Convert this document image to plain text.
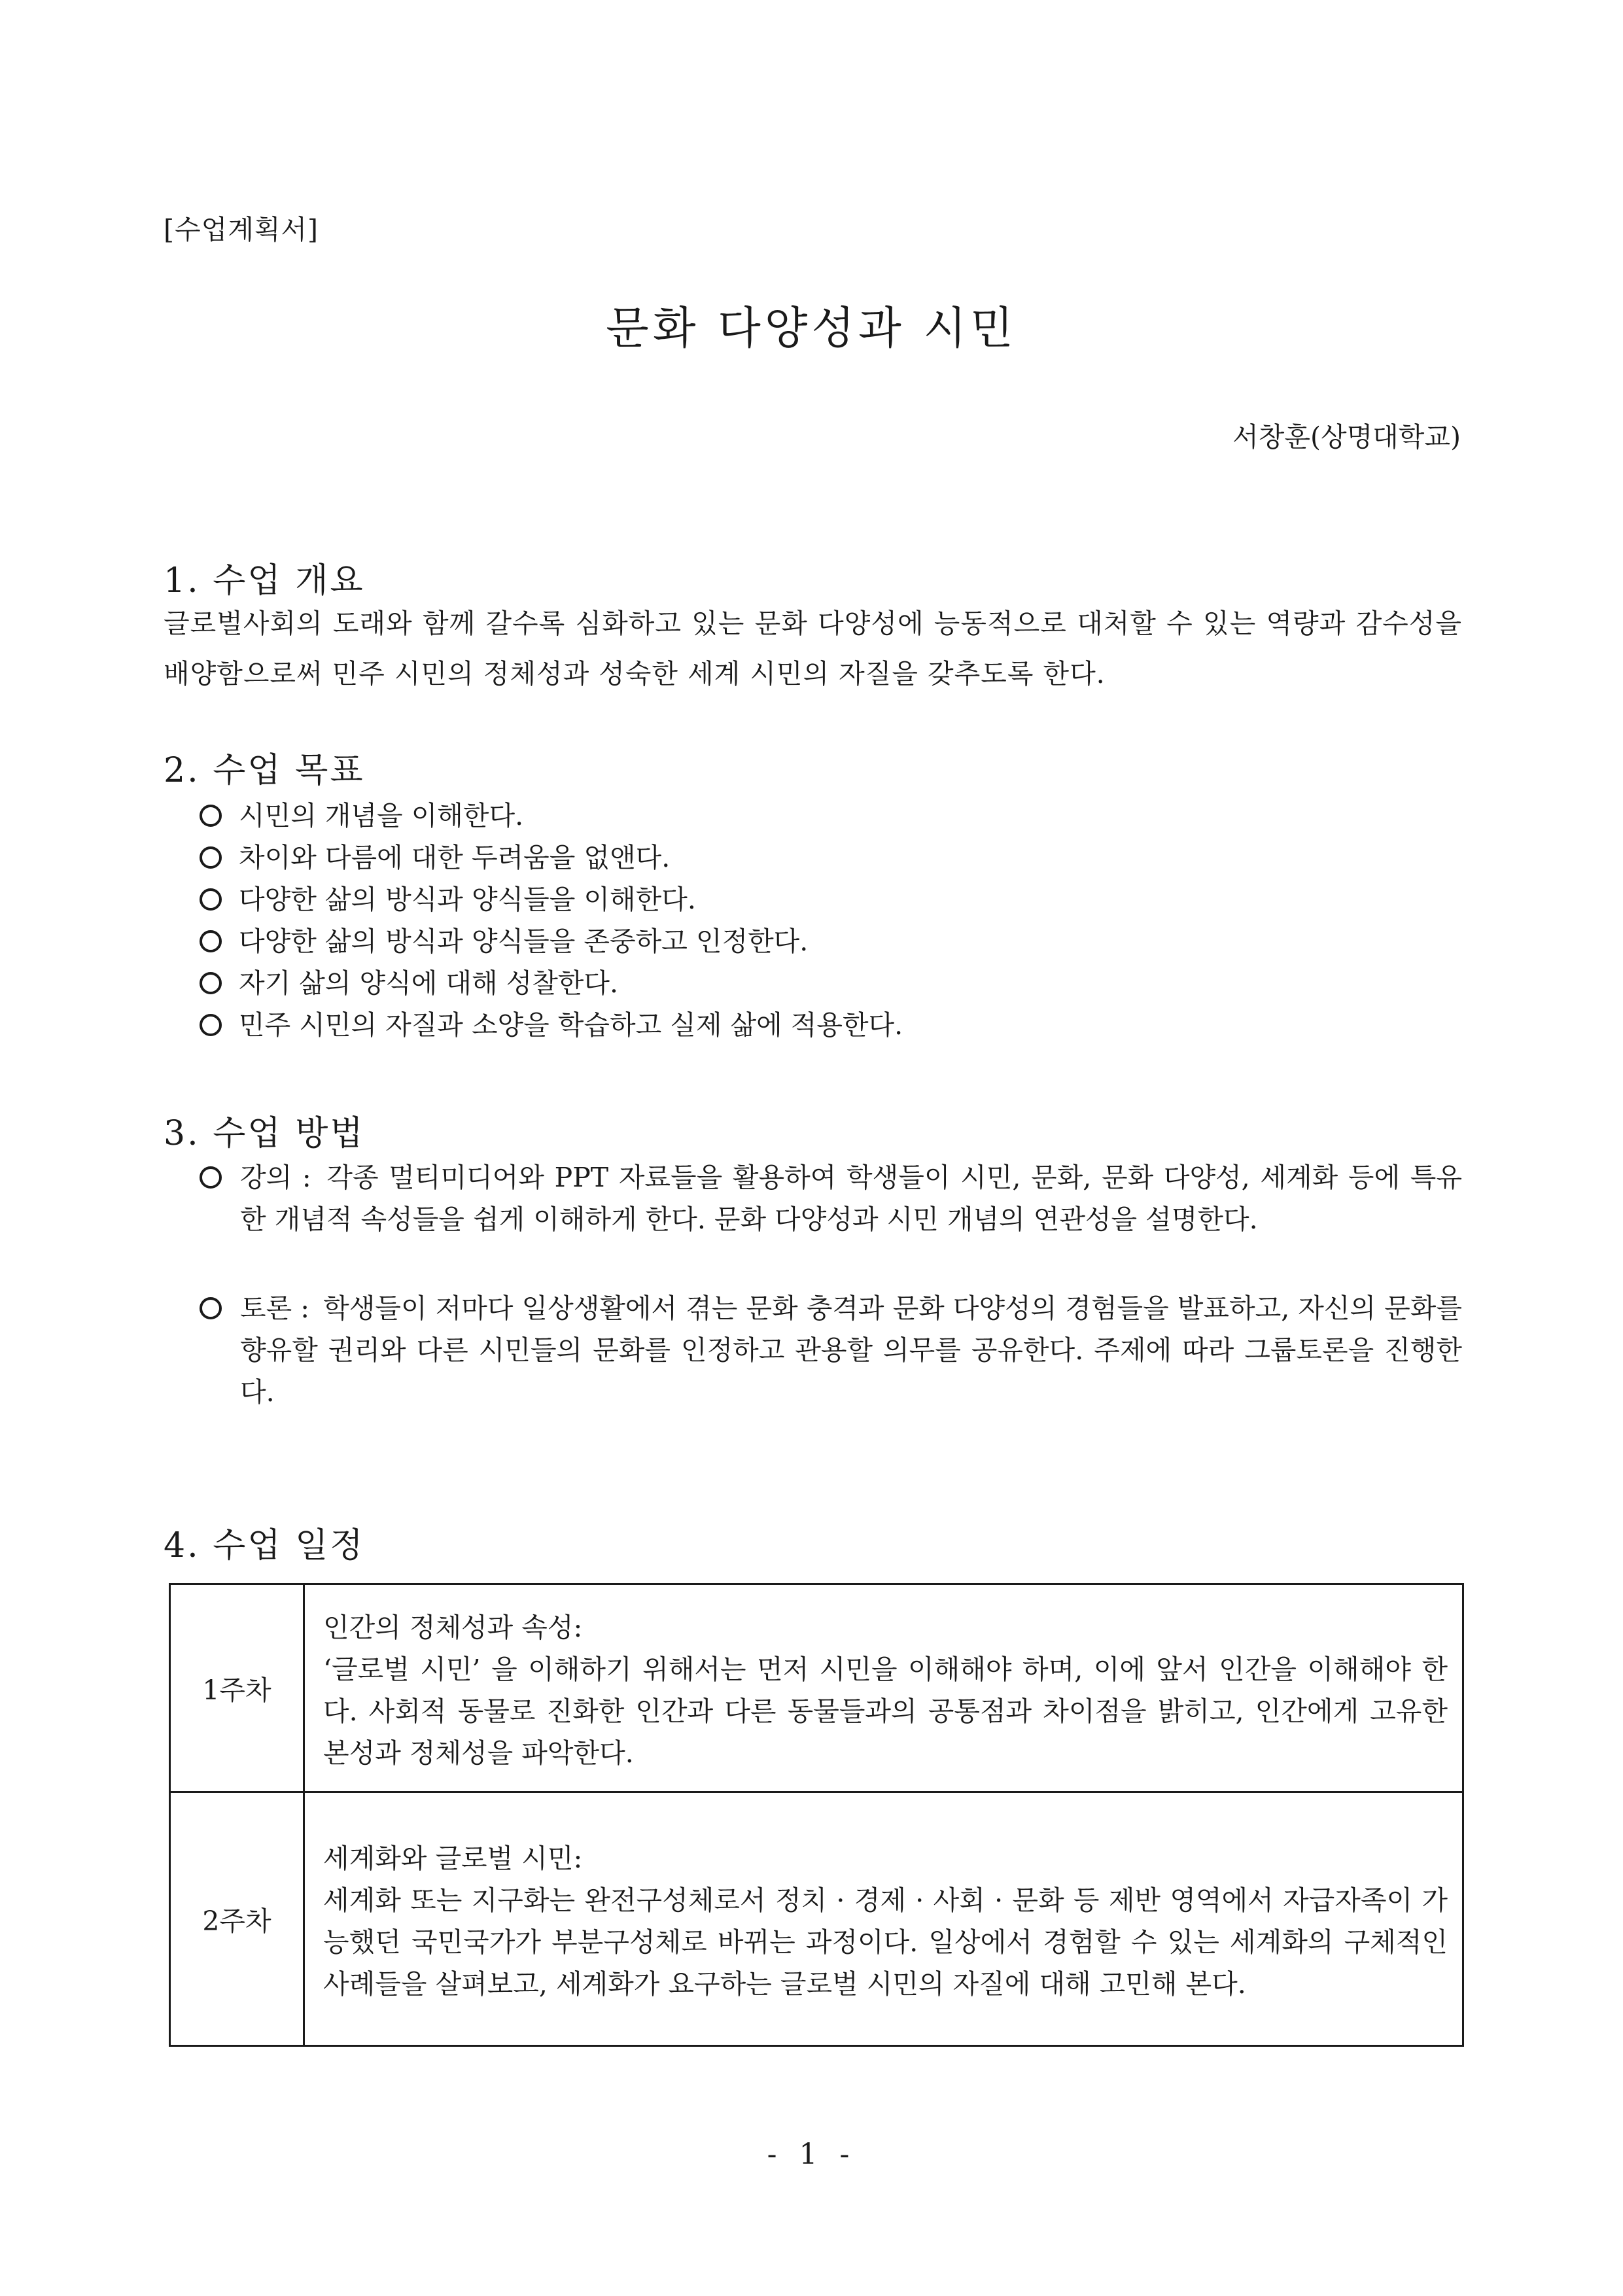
[수업계획서]
문화 다양성과 시민
서창훈(상명대학교)
1. 수업 개요
글로벌사회의 도래와 함께 갈수록 심화하고 있는 문화 다양성에 능동적으로 대처할 수 있는 역량과 감수성을 배양함으로써 민주 시민의 정체성과 성숙한 세계 시민의 자질을 갖추도록 한다.
2. 수업 목표
시민의 개념을 이해한다.
차이와 다름에 대한 두려움을 없앤다.
다양한 삶의 방식과 양식들을 이해한다.
다양한 삶의 방식과 양식들을 존중하고 인정한다.
자기 삶의 양식에 대해 성찰한다.
민주 시민의 자질과 소양을 학습하고 실제 삶에 적용한다.
3. 수업 방법
강의 : 각종 멀티미디어와 PPT 자료들을 활용하여 학생들이 시민, 문화, 문화 다양성, 세계화 등에 특유한 개념적 속성들을 쉽게 이해하게 한다. 문화 다양성과 시민 개념의 연관성을 설명한다.
토론 : 학생들이 저마다 일상생활에서 겪는 문화 충격과 문화 다양성의 경험들을 발표하고, 자신의 문화를 향유할 권리와 다른 시민들의 문화를 인정하고 관용할 의무를 공유한다. 주제에 따라 그룹토론을 진행한다.
4. 수업 일정
1주차	인간의 정체성과 속성:
‘글로벌 시민’ 을 이해하기 위해서는 먼저 시민을 이해해야 하며, 이에 앞서 인간을 이해해야 한다. 사회적 동물로 진화한 인간과 다른 동물들과의 공통점과 차이점을 밝히고, 인간에게 고유한 본성과 정체성을 파악한다.

2주차	세계화와 글로벌 시민:
세계화 또는 지구화는 완전구성체로서 정치 · 경제 · 사회 · 문화 등 제반 영역에서 자급자족이 가능했던 국민국가가 부분구성체로 바뀌는 과정이다. 일상에서 경험할 수 있는 세계화의 구체적인 사례들을 살펴보고, 세계화가 요구하는 글로벌 시민의 자질에 대해 고민해 본다.
- 1 -
